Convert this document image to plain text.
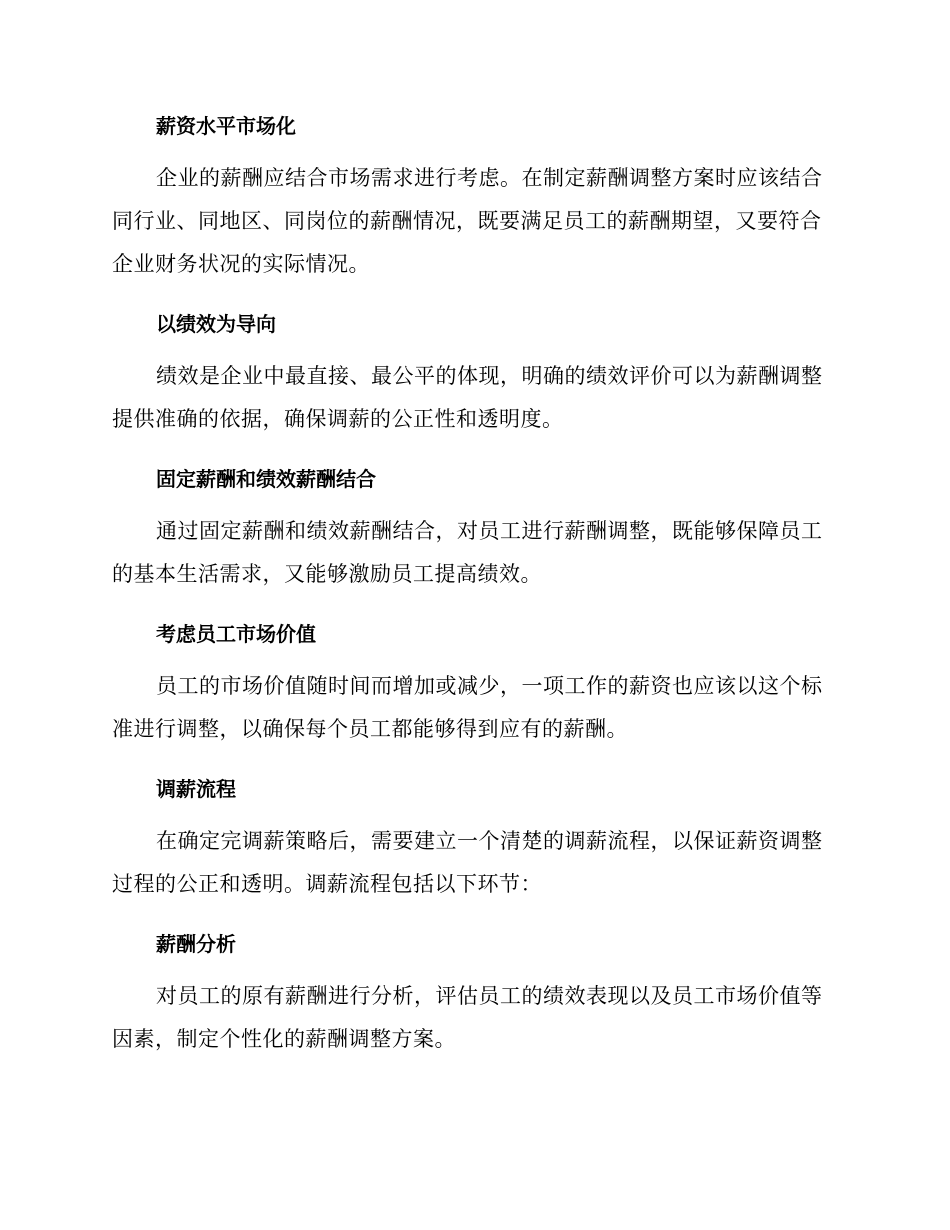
薪资水平市场化
企业的薪酬应结合市场需求进行考虑。在制定薪酬调整方案时应该结合
同行业、同地区、同岗位的薪酬情况，既要满足员工的薪酬期望，又要符合
企业财务状况的实际情况。
以绩效为导向
绩效是企业中最直接、最公平的体现，明确的绩效评价可以为薪酬调整
提供准确的依据，确保调薪的公正性和透明度。
固定薪酬和绩效薪酬结合
通过固定薪酬和绩效薪酬结合，对员工进行薪酬调整，既能够保障员工
的基本生活需求，又能够激励员工提高绩效。
考虑员工市场价值
员工的市场价值随时间而增加或减少，一项工作的薪资也应该以这个标
准进行调整，以确保每个员工都能够得到应有的薪酬。
调薪流程
在确定完调薪策略后，需要建立一个清楚的调薪流程，以保证薪资调整
过程的公正和透明。调薪流程包括以下环节：
薪酬分析
对员工的原有薪酬进行分析，评估员工的绩效表现以及员工市场价值等
因素，制定个性化的薪酬调整方案。
